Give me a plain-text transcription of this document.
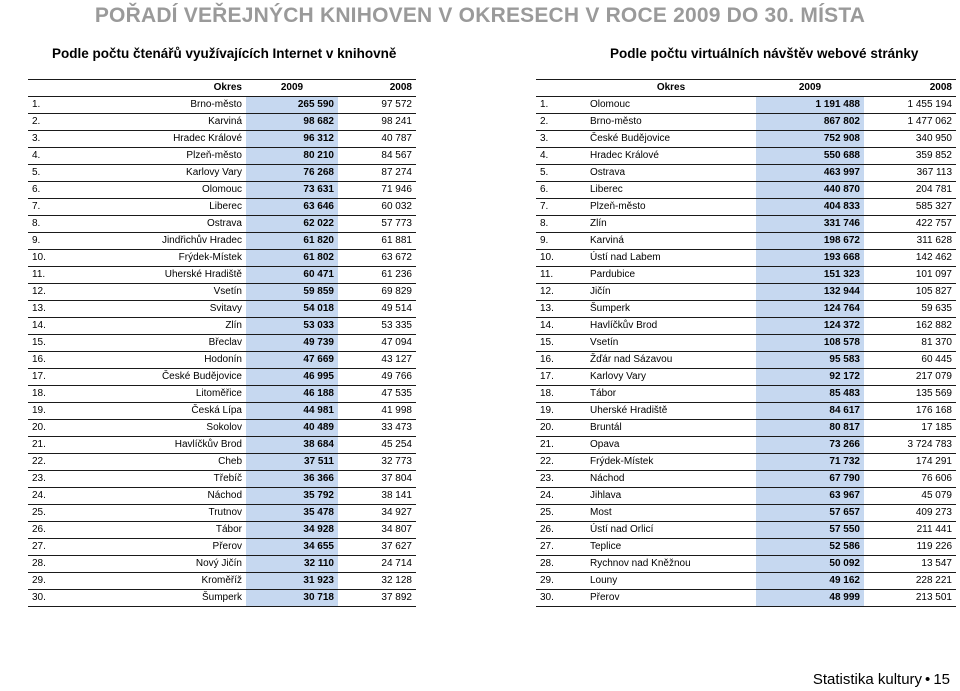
POŘADÍ VEŘEJNÝCH KNIHOVEN V OKRESECH V ROCE 2009 DO 30. MÍSTA
Podle počtu čtenářů využívajících Internet v knihovně	Podle počtu virtuálních návštěv webové stránky
	Okres	2009	2008
1.	Brno-město	265 590	97 572
2.	Karviná	98 682	98 241
3.	Hradec Králové	96 312	40 787
4.	Plzeň-město	80 210	84 567
5.	Karlovy Vary	76 268	87 274
6.	Olomouc	73 631	71 946
7.	Liberec	63 646	60 032
8.	Ostrava	62 022	57 773
9.	Jindřichův Hradec	61 820	61 881
10.	Frýdek-Místek	61 802	63 672
11.	Uherské Hradiště	60 471	61 236
12.	Vsetín	59 859	69 829
13.	Svitavy	54 018	49 514
14.	Zlín	53 033	53 335
15.	Břeclav	49 739	47 094
16.	Hodonín	47 669	43 127
17.	České Budějovice	46 995	49 766
18.	Litoměřice	46 188	47 535
19.	Česká Lípa	44 981	41 998
20.	Sokolov	40 489	33 473
21.	Havlíčkův Brod	38 684	45 254
22.	Cheb	37 511	32 773
23.	Třebíč	36 366	37 804
24.	Náchod	35 792	38 141
25.	Trutnov	35 478	34 927
26.	Tábor	34 928	34 807
27.	Přerov	34 655	37 627
28.	Nový Jičín	32 110	24 714
29.	Kroměříž	31 923	32 128
30.	Šumperk	30 718	37 892
	Okres	2009	2008
1.	Olomouc	1 191 488	1 455 194
2.	Brno-město	867 802	1 477 062
3.	České Budějovice	752 908	340 950
4.	Hradec Králové	550 688	359 852
5.	Ostrava	463 997	367 113
6.	Liberec	440 870	204 781
7.	Plzeň-město	404 833	585 327
8.	Zlín	331 746	422 757
9.	Karviná	198 672	311 628
10.	Ústí nad Labem	193 668	142 462
11.	Pardubice	151 323	101 097
12.	Jičín	132 944	105 827
13.	Šumperk	124 764	59 635
14.	Havlíčkův Brod	124 372	162 882
15.	Vsetín	108 578	81 370
16.	Žďár nad Sázavou	95 583	60 445
17.	Karlovy Vary	92 172	217 079
18.	Tábor	85 483	135 569
19.	Uherské Hradiště	84 617	176 168
20.	Bruntál	80 817	17 185
21.	Opava	73 266	3 724 783
22.	Frýdek-Místek	71 732	174 291
23.	Náchod	67 790	76 606
24.	Jihlava	63 967	45 079
25.	Most	57 657	409 273
26.	Ústí nad Orlicí	57 550	211 441
27.	Teplice	52 586	119 226
28.	Rychnov nad Kněžnou	50 092	13 547
29.	Louny	49 162	228 221
30.	Přerov	48 999	213 501
Statistika kultury • 15
